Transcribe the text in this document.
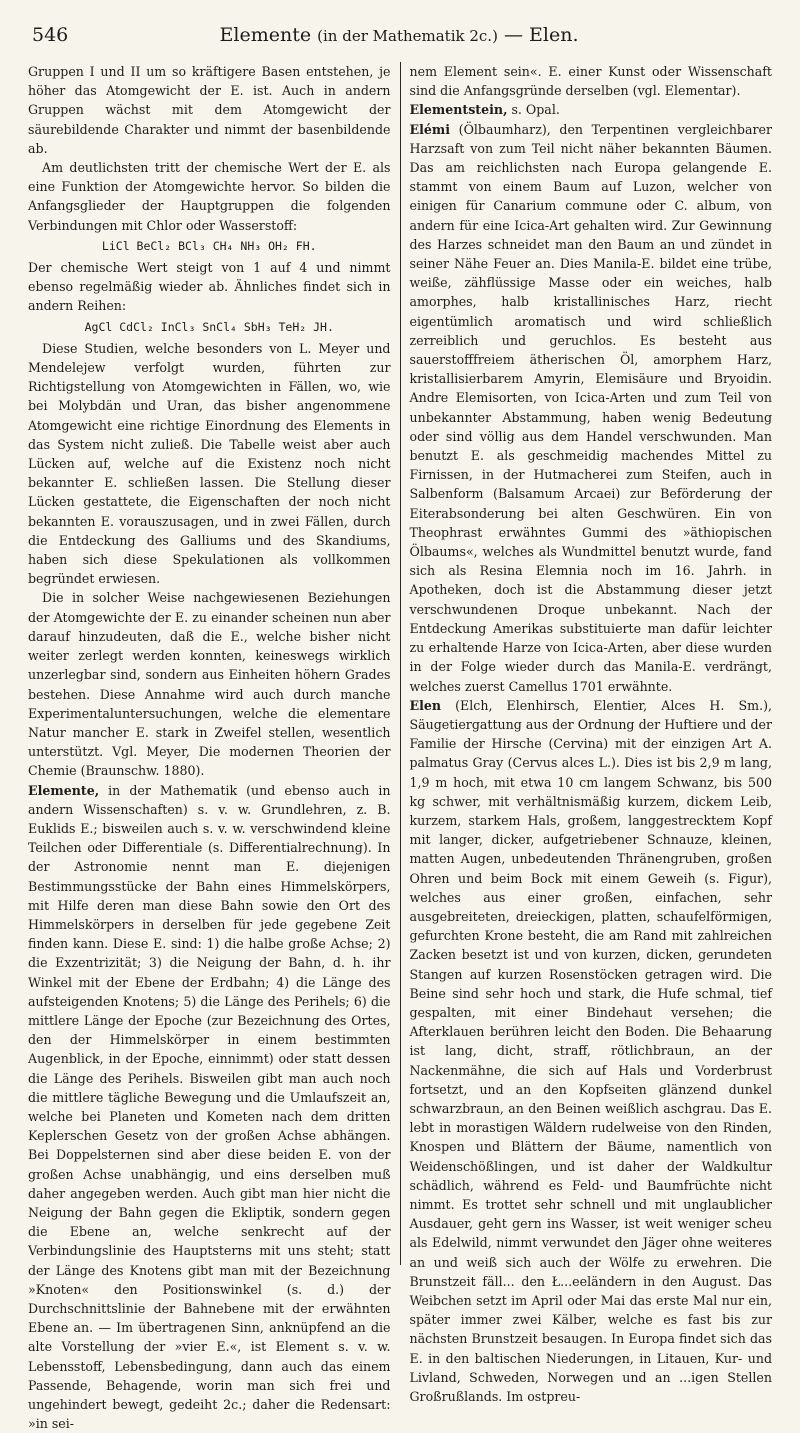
546	Elemente (in der Mathematik 2c.) — Elen.

Gruppen I und II um so kräftigere Basen entstehen, je höher das Atomgewicht der E. ist. Auch in andern Gruppen wächst mit dem Atomgewicht der säurebildende Charakter und nimmt der basenbildende ab.

Am deutlichsten tritt der chemische Wert der E. als eine Funktion der Atomgewichte hervor. So bilden die Anfangsglieder der Hauptgruppen die folgenden Verbindungen mit Chlor oder Wasserstoff:

LiCl BeCl₂ BCl₃ CH₄ NH₃ OH₂ FH.

Der chemische Wert steigt von 1 auf 4 und nimmt ebenso regelmäßig wieder ab. Ähnliches findet sich in andern Reihen:

AgCl CdCl₂ InCl₃ SnCl₄ SbH₃ TeH₂ JH.

Diese Studien, welche besonders von L. Meyer und Mendelejew verfolgt wurden, führten zur Richtigstellung von Atomgewichten in Fällen, wo, wie bei Molybdän und Uran, das bisher angenommene Atomgewicht eine richtige Einordnung des Elements in das System nicht zuließ. Die Tabelle weist aber auch Lücken auf, welche auf die Existenz noch nicht bekannter E. schließen lassen. Die Stellung dieser Lücken gestattete, die Eigenschaften der noch nicht bekannten E. vorauszusagen, und in zwei Fällen, durch die Entdeckung des Galliums und des Skandiums, haben sich diese Spekulationen als vollkommen begründet erwiesen.

Die in solcher Weise nachgewiesenen Beziehungen der Atomgewichte der E. zu einander scheinen nun aber darauf hinzudeuten, daß die E., welche bisher nicht weiter zerlegt werden konnten, keineswegs wirklich unzerlegbar sind, sondern aus Einheiten höhern Grades bestehen. Diese Annahme wird auch durch manche Experimentaluntersuchungen, welche die elementare Natur mancher E. stark in Zweifel stellen, wesentlich unterstützt. Vgl. Meyer, Die modernen Theorien der Chemie (Braunschw. 1880).

Elemente, in der Mathematik (und ebenso auch in andern Wissenschaften) s. v. w. Grundlehren, z. B. Euklids E.; bisweilen auch s. v. w. verschwindend kleine Teilchen oder Differentiale (s. Differentialrechnung). In der Astronomie nennt man E. diejenigen Bestimmungsstücke der Bahn eines Himmelskörpers, mit Hilfe deren man diese Bahn sowie den Ort des Himmelskörpers in derselben für jede gegebene Zeit finden kann. Diese E. sind: 1) die halbe große Achse; 2) die Exzentrizität; 3) die Neigung der Bahn, d. h. ihr Winkel mit der Ebene der Erdbahn; 4) die Länge des aufsteigenden Knotens; 5) die Länge des Perihels; 6) die mittlere Länge der Epoche (zur Bezeichnung des Ortes, den der Himmelskörper in einem bestimmten Augenblick, in der Epoche, einnimmt) oder statt dessen die Länge des Perihels. Bisweilen gibt man auch noch die mittlere tägliche Bewegung und die Umlaufszeit an, welche bei Planeten und Kometen nach dem dritten Keplerschen Gesetz von der großen Achse abhängen. Bei Doppelsternen sind aber diese beiden E. von der großen Achse unabhängig, und eins derselben muß daher angegeben werden. Auch gibt man hier nicht die Neigung der Bahn gegen die Ekliptik, sondern gegen die Ebene an, welche senkrecht auf der Verbindungslinie des Hauptsterns mit uns steht; statt der Länge des Knotens gibt man mit der Bezeichnung »Knoten« den Positionswinkel (s. d.) der Durchschnittslinie der Bahnebene mit der erwähnten Ebene an. — Im übertragenen Sinn, anknüpfend an die alte Vorstellung der »vier E.«, ist Element s. v. w. Lebensstoff, Lebensbedingung, dann auch das einem Passende, Behagende, worin man sich frei und ungehindert bewegt, gedeiht 2c.; daher die Redensart: »in sei-

nem Element sein«. E. einer Kunst oder Wissenschaft sind die Anfangsgründe derselben (vgl. Elementar).

Elementstein, s. Opal.

Elémi (Ölbaumharz), den Terpentinen vergleichbarer Harzsaft von zum Teil nicht näher bekannten Bäumen. Das am reichlichsten nach Europa gelangende E. stammt von einem Baum auf Luzon, welcher von einigen für Canarium commune oder C. album, von andern für eine Icica-Art gehalten wird. Zur Gewinnung des Harzes schneidet man den Baum an und zündet in seiner Nähe Feuer an. Dies Manila-E. bildet eine trübe, weiße, zähflüssige Masse oder ein weiches, halb amorphes, halb kristallinisches Harz, riecht eigentümlich aromatisch und wird schließlich zerreiblich und geruchlos. Es besteht aus sauerstofffreiem ätherischen Öl, amorphem Harz, kristallisierbarem Amyrin, Elemisäure und Bryoidin. Andre Elemisorten, von Icica-Arten und zum Teil von unbekannter Abstammung, haben wenig Bedeutung oder sind völlig aus dem Handel verschwunden. Man benutzt E. als geschmeidig machendes Mittel zu Firnissen, in der Hutmacherei zum Steifen, auch in Salbenform (Balsamum Arcaei) zur Beförderung der Eiterabsonderung bei alten Geschwüren. Ein von Theophrast erwähntes Gummi des »äthiopischen Ölbaums«, welches als Wundmittel benutzt wurde, fand sich als Resina Elemnia noch im 16. Jahrh. in Apotheken, doch ist die Abstammung dieser jetzt verschwundenen Droque unbekannt. Nach der Entdeckung Amerikas substituierte man dafür leichter zu erhaltende Harze von Icica-Arten, aber diese wurden in der Folge wieder durch das Manila-E. verdrängt, welches zuerst Camellus 1701 erwähnte.

Elen (Elch, Elenhirsch, Elentier, Alces H. Sm.), Säugetiergattung aus der Ordnung der Huftiere und der Familie der Hirsche (Cervina) mit der einzigen Art A. palmatus Gray (Cervus alces L.). Dies ist bis 2,9 m lang, 1,9 m hoch, mit etwa 10 cm langem Schwanz, bis 500 kg schwer, mit verhältnismäßig kurzem, dickem Leib, kurzem, starkem Hals, großem, langgestrecktem Kopf mit langer, dicker, aufgetriebener Schnauze, kleinen, matten Augen, unbedeutenden Thränengruben, großen Ohren und beim Bock mit einem Geweih (s. Figur), welches aus einer großen, einfachen, sehr ausgebreiteten, dreieckigen, platten, schaufelförmigen, gefurchten Krone besteht, die am Rand mit zahlreichen Zacken besetzt ist und von kurzen, dicken, gerundeten Stangen auf kurzen Rosenstöcken getragen wird. Die Beine sind sehr hoch und stark, die Hufe schmal, tief gespalten, mit einer Bindehaut versehen; die Afterklauen berühren leicht den Boden. Die Behaarung ist lang, dicht, straff, rötlichbraun, an der Nackenmähne, die sich auf Hals und Vorderbrust fortsetzt, und an den Kopfseiten glänzend dunkel schwarzbraun, an den Beinen weißlich aschgrau. Das E. lebt in morastigen Wäldern rudelweise von den Rinden, Knospen und Blättern der Bäume, namentlich von Weidenschößlingen, und ist daher der Waldkultur schädlich, während es Feld- und Baumfrüchte nicht nimmt. Es trottet sehr schnell und mit unglaublicher Ausdauer, geht gern ins Wasser, ist weit weniger scheu als Edelwild, nimmt verwundet den Jäger ohne weiteres an und weiß sich auch der Wölfe zu erwehren. Die Brunstzeit fäll... den Ł...eeländern in den August. Das Weibchen setzt im April oder Mai das erste Mal nur ein, später immer zwei Kälber, welche es fast bis zur nächsten Brunstzeit besaugen. In Europa findet sich das E. in den baltischen Niederungen, in Litauen, Kur- und Livland, Schweden, Norwegen und an ...igen Stellen Großrußlands. Im ostpreu-
